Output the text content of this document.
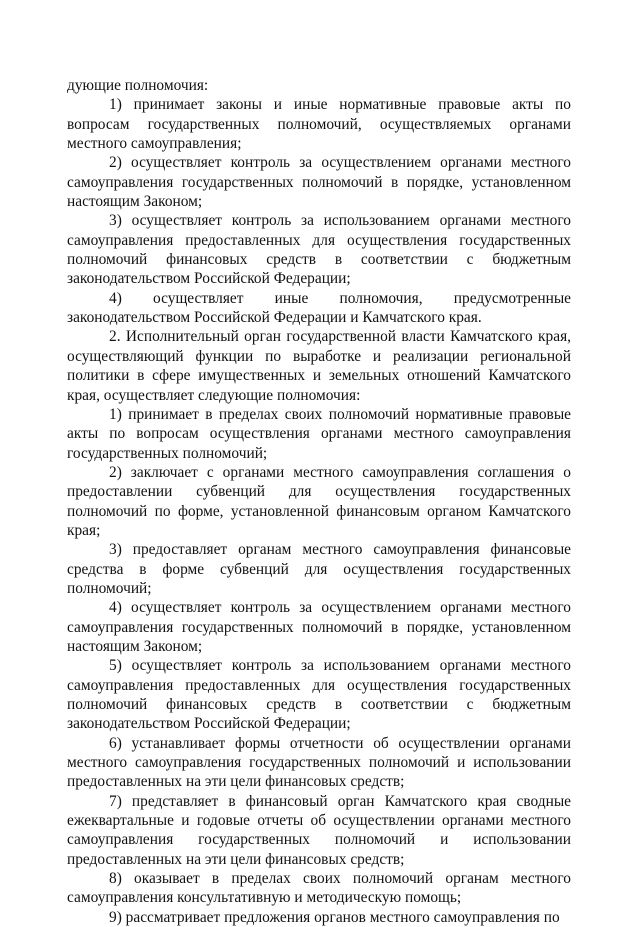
дующие полномочия:

1) принимает законы и иные нормативные правовые акты по вопросам государственных полномочий, осуществляемых органами местного самоуправления;

2) осуществляет контроль за осуществлением органами местного самоуправления государственных полномочий в порядке, установленном настоящим Законом;

3) осуществляет контроль за использованием органами местного самоуправления предоставленных для осуществления государственных полномочий финансовых средств в соответствии с бюджетным законодательством Российской Федерации;

4) осуществляет иные полномочия, предусмотренные законодательством Российской Федерации и Камчатского края.

2. Исполнительный орган государственной власти Камчатского края, осуществляющий функции по выработке и реализации региональной политики в сфере имущественных и земельных отношений Камчатского края, осуществляет следующие полномочия:

1) принимает в пределах своих полномочий нормативные правовые акты по вопросам осуществления органами местного самоуправления государственных полномочий;

2) заключает с органами местного самоуправления соглашения о предоставлении субвенций для осуществления государственных полномочий по форме, установленной финансовым органом Камчатского края;

3) предоставляет органам местного самоуправления финансовые средства в форме субвенций для осуществления государственных полномочий;

4) осуществляет контроль за осуществлением органами местного самоуправления государственных полномочий в порядке, установленном настоящим Законом;

5) осуществляет контроль за использованием органами местного самоуправления предоставленных для осуществления государственных полномочий финансовых средств в соответствии с бюджетным законодательством Российской Федерации;

6) устанавливает формы отчетности об осуществлении органами местного самоуправления государственных полномочий и использовании предоставленных на эти цели финансовых средств;

7) представляет в финансовый орган Камчатского края сводные ежеквартальные и годовые отчеты об осуществлении органами местного самоуправления государственных полномочий и использовании предоставленных на эти цели финансовых средств;

8) оказывает в пределах своих полномочий органам местного самоуправления консультативную и методическую помощь;

9) рассматривает предложения органов местного самоуправления по
